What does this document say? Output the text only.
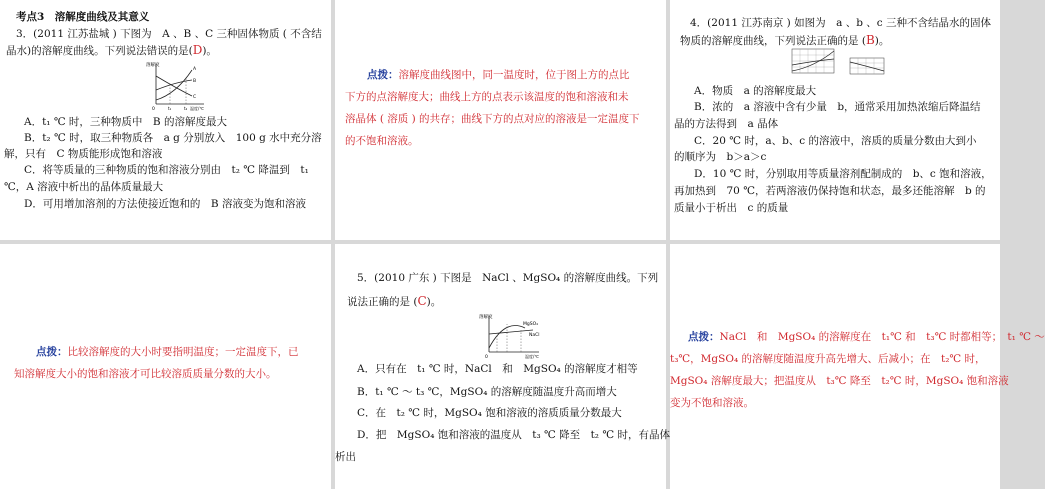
考点3　溶解度曲线及其意义
3．(2011 江苏盐城 ) 下图为　A 、B 、C 三种固体物质 ( 不含结
晶水)的溶解度曲线。下列说法错误的是(D)。
溶解度
A
B
C
0	t₁	t₂ 温度/℃
A．t₁ ℃ 时，三种物质中　B 的溶解度最大
B．t₂ ℃ 时，取三种物质各　a g 分别放入　100 g 水中充分溶
解，只有　C 物质能形成饱和溶液
C．将等质量的三种物质的饱和溶液分别由　t₂ ℃ 降温到　t₁
℃，A 溶液中析出的晶体质量最大
D．可用增加溶剂的方法使接近饱和的　B 溶液变为饱和溶液
点拨：溶解度曲线图中，同一温度时，位于图上方的点比
下方的点溶解度大；曲线上方的点表示该温度的饱和溶液和未
溶晶体 ( 溶质 ) 的共存；曲线下方的点对应的溶液是一定温度下
的不饱和溶液。
4．(2011 江苏南京 ) 如图为　a 、b 、c 三种不含结晶水的固体
物质的溶解度曲线，下列说法正确的是 (B)。
A．物质　a 的溶解度最大
B．浓的　a 溶液中含有少量　b，通常采用加热浓缩后降温结
晶的方法得到　a 晶体
C．20 ℃ 时，a、b、c 的溶液中，溶质的质量分数由大到小
的顺序为　b＞a＞c
D．10 ℃ 时，分别取用等质量溶剂配制成的　b、c 饱和溶液，
再加热到　70 ℃，若两溶液仍保持饱和状态，最多还能溶解　b 的
质量小于析出　c 的质量
点拨：比较溶解度的大小时要指明温度；一定温度下，已
知溶解度大小的饱和溶液才可比较溶质质量分数的大小。
5．(2010 广东 ) 下图是　NaCl 、MgSO₄ 的溶解度曲线。下列
说法正确的是 (C)。
溶解度
MgSO₄
NaCl
0	温度/℃
A．只有在　t₁ ℃ 时，NaCl　和　MgSO₄ 的溶解度才相等
B．t₁ ℃ ～ t₃ ℃，MgSO₄ 的溶解度随温度升高而增大
C．在　t₂ ℃ 时，MgSO₄ 饱和溶液的溶质质量分数最大
D．把　MgSO₄ 饱和溶液的温度从　t₃ ℃ 降至　t₂ ℃ 时，有晶体
析出
点拨：NaCl　和　MgSO₄ 的溶解度在　t₁℃ 和　t₃℃ 时都相等；　t₁ ℃ ～
t₃℃，MgSO₄ 的溶解度随温度升高先增大、后减小；在　t₂℃ 时，
MgSO₄ 溶解度最大；把温度从　t₃℃ 降至　t₂℃ 时，MgSO₄ 饱和溶液
变为不饱和溶液。
